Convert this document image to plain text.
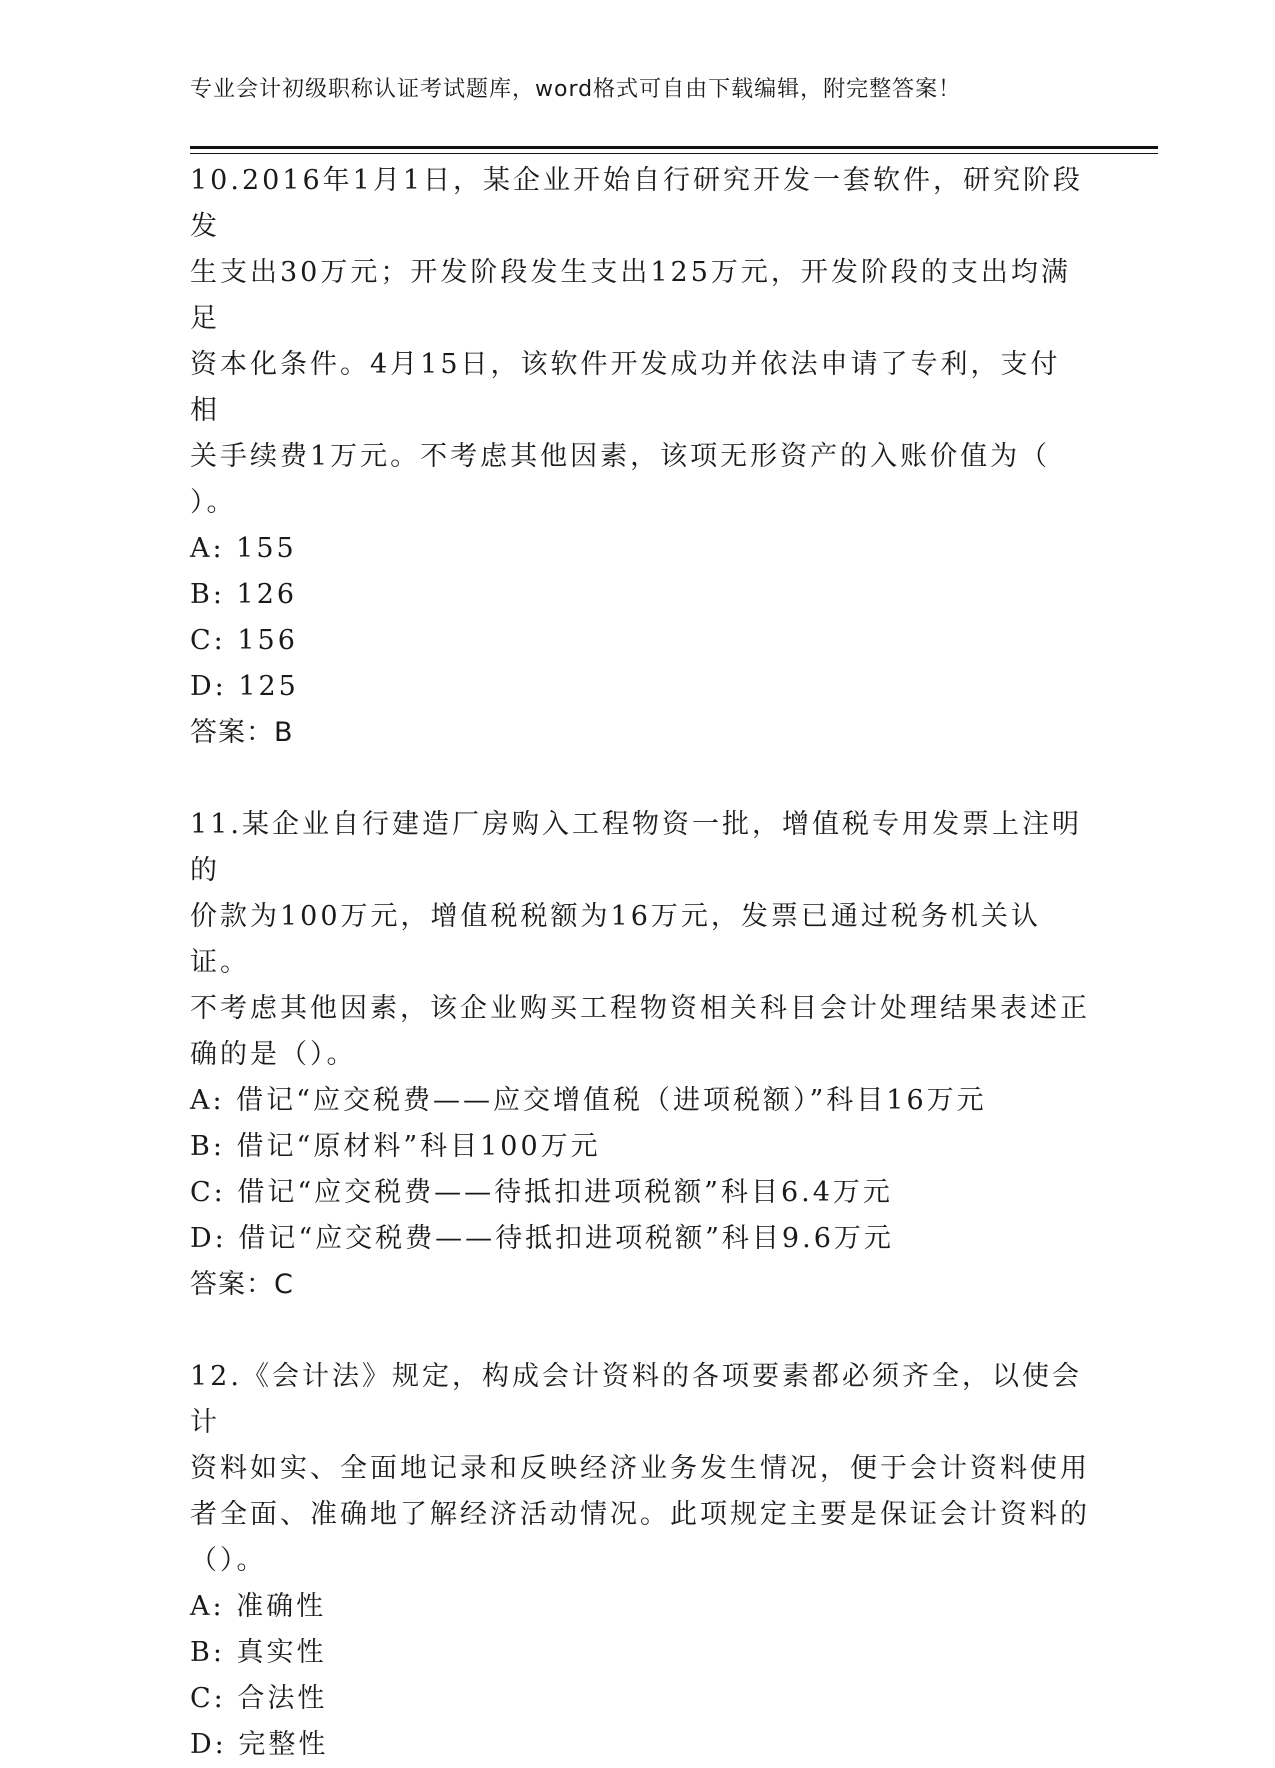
专业会计初级职称认证考试题库，word格式可自由下载编辑，附完整答案！

10.2016年1月1日，某企业开始自行研究开发一套软件，研究阶段发

生支出30万元；开发阶段发生支出125万元，开发阶段的支出均满足

资本化条件。4月15日，该软件开发成功并依法申请了专利，支付相

关手续费1万元。不考虑其他因素，该项无形资产的入账价值为（

）。

A: 155

B: 126

C: 156

D: 125

答案：B

11.某企业自行建造厂房购入工程物资一批，增值税专用发票上注明的

价款为100万元，增值税税额为16万元，发票已通过税务机关认证。

不考虑其他因素，该企业购买工程物资相关科目会计处理结果表述正

确的是（）。

A: 借记“应交税费——应交增值税（进项税额）”科目16万元

B: 借记“原材料”科目100万元

C: 借记“应交税费——待抵扣进项税额”科目6.4万元

D: 借记“应交税费——待抵扣进项税额”科目9.6万元

答案：C

12.《会计法》规定，构成会计资料的各项要素都必须齐全，以使会计

资料如实、全面地记录和反映经济业务发生情况，便于会计资料使用

者全面、准确地了解经济活动情况。此项规定主要是保证会计资料的

（）。

A: 准确性

B: 真实性

C: 合法性

D: 完整性
